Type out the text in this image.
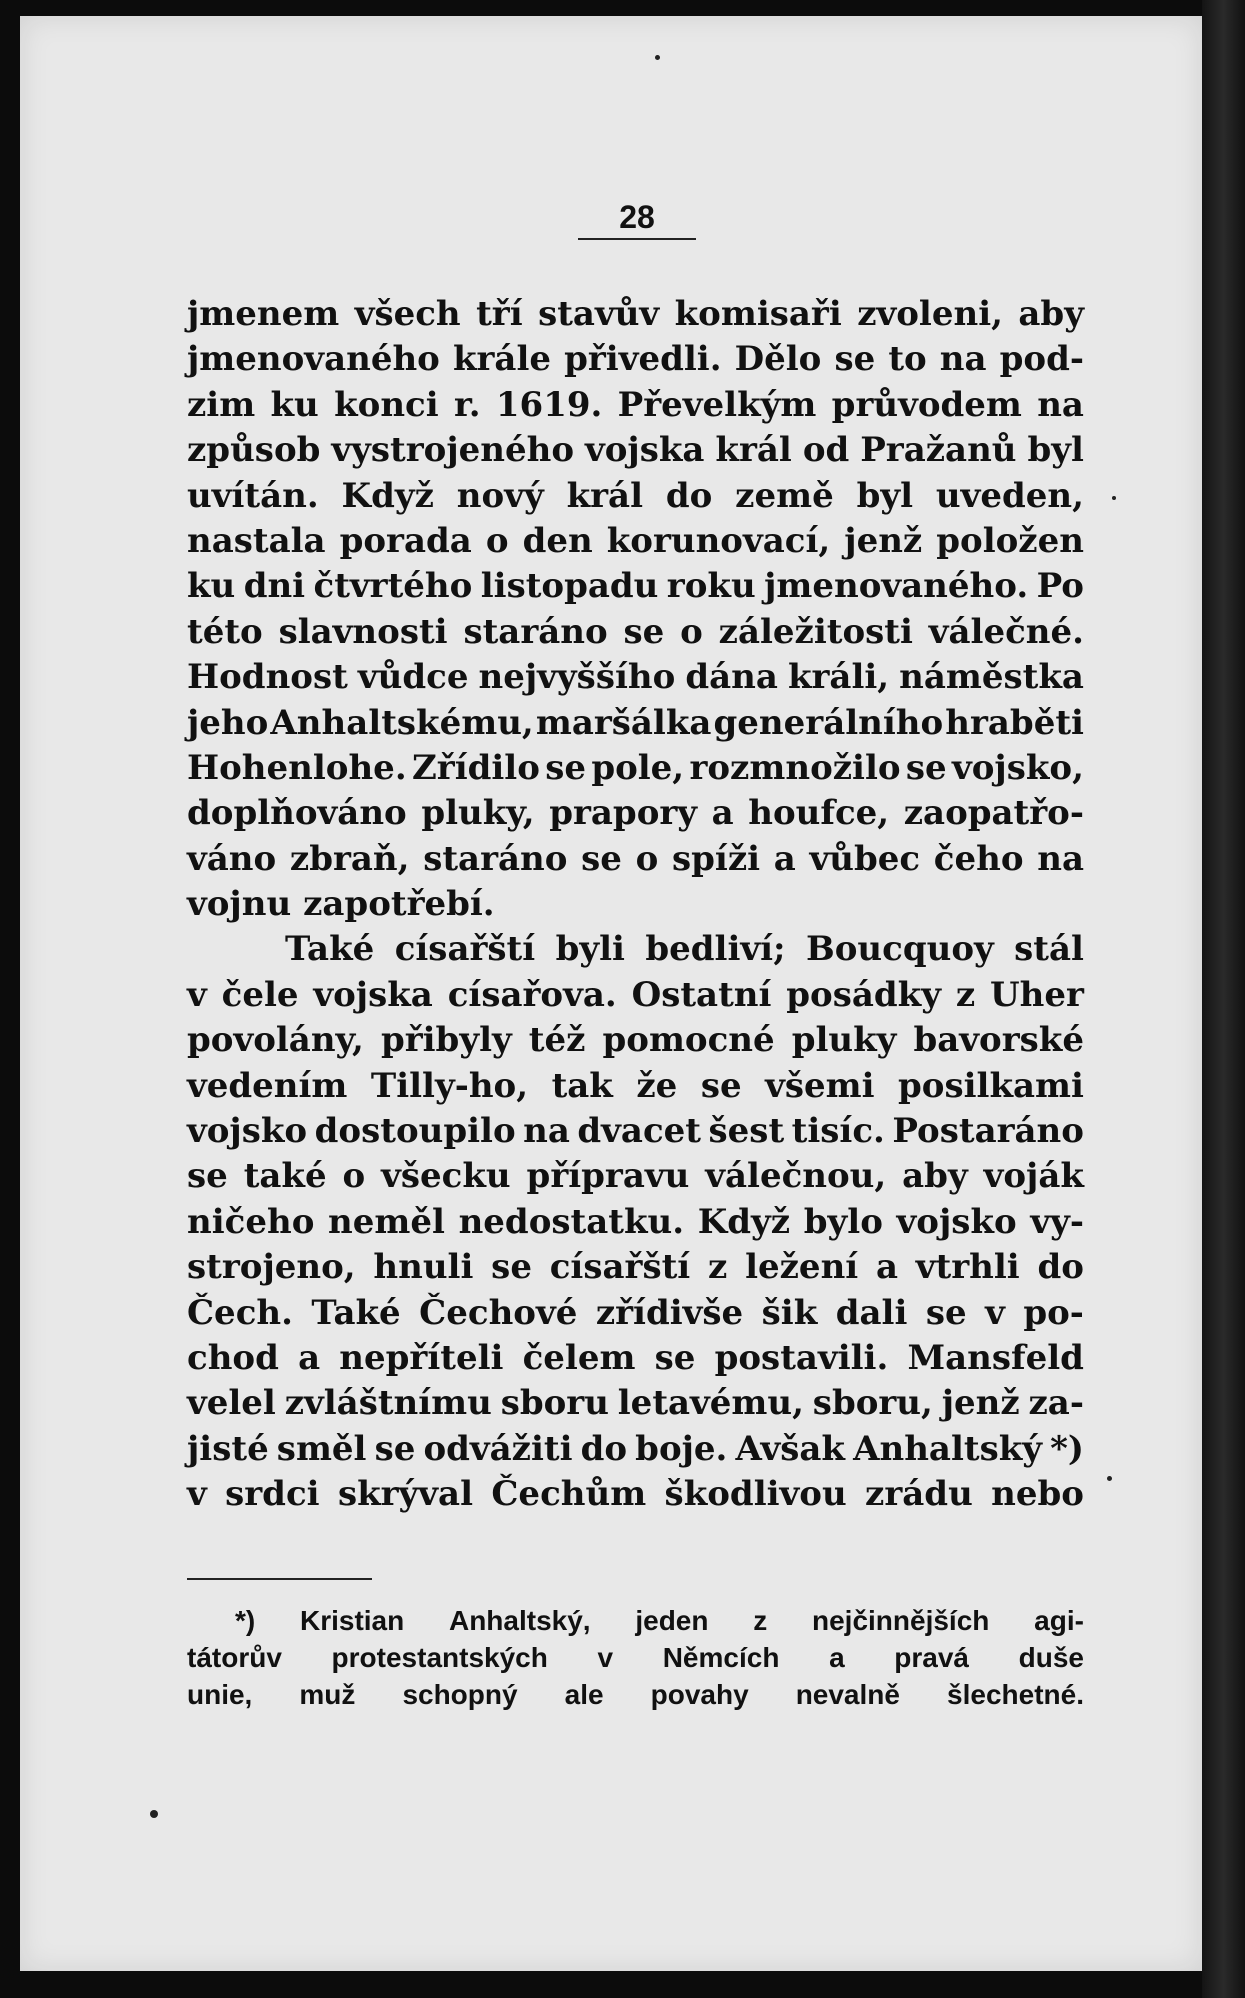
28
jmenem všech tří stavův komisaři zvoleni, aby
jmenovaného krále přivedli. Dělo se to na pod-
zim ku konci r. 1619. Převelkým průvodem na
způsob vystrojeného vojska král od Pražanů byl
uvítán. Když nový král do země byl uveden,
nastala porada o den korunovací, jenž položen
ku dni čtvrtého listopadu roku jmenovaného. Po
této slavnosti staráno se o záležitosti válečné.
Hodnost vůdce nejvyššího dána králi, náměstka
jeho Anhaltskému, maršálka generálního hraběti
Hohenlohe. Zřídilo se pole, rozmnožilo se vojsko,
doplňováno pluky, prapory a houfce, zaopatřo-
váno zbraň, staráno se o spíži a vůbec čeho na
vojnu zapotřebí.
Také císařští byli bedliví; Boucquoy stál
v čele vojska císařova. Ostatní posádky z Uher
povolány, přibyly též pomocné pluky bavorské
vedením Tilly-ho, tak že se všemi posilkami
vojsko dostoupilo na dvacet šest tisíc. Postaráno
se také o všecku přípravu válečnou, aby voják
ničeho neměl nedostatku. Když bylo vojsko vy-
strojeno, hnuli se císařští z ležení a vtrhli do
Čech. Také Čechové zřídivše šik dali se v po-
chod a nepříteli čelem se postavili. Mansfeld
velel zvláštnímu sboru letavému, sboru, jenž za-
jisté směl se odvážiti do boje. Avšak Anhaltský *)
v srdci skrýval Čechům škodlivou zrádu nebo
*) Kristian Anhaltský, jeden z nejčinnějších agi-
tátorův protestantských v Němcích a pravá duše
unie, muž schopný ale povahy nevalně šlechetné.
